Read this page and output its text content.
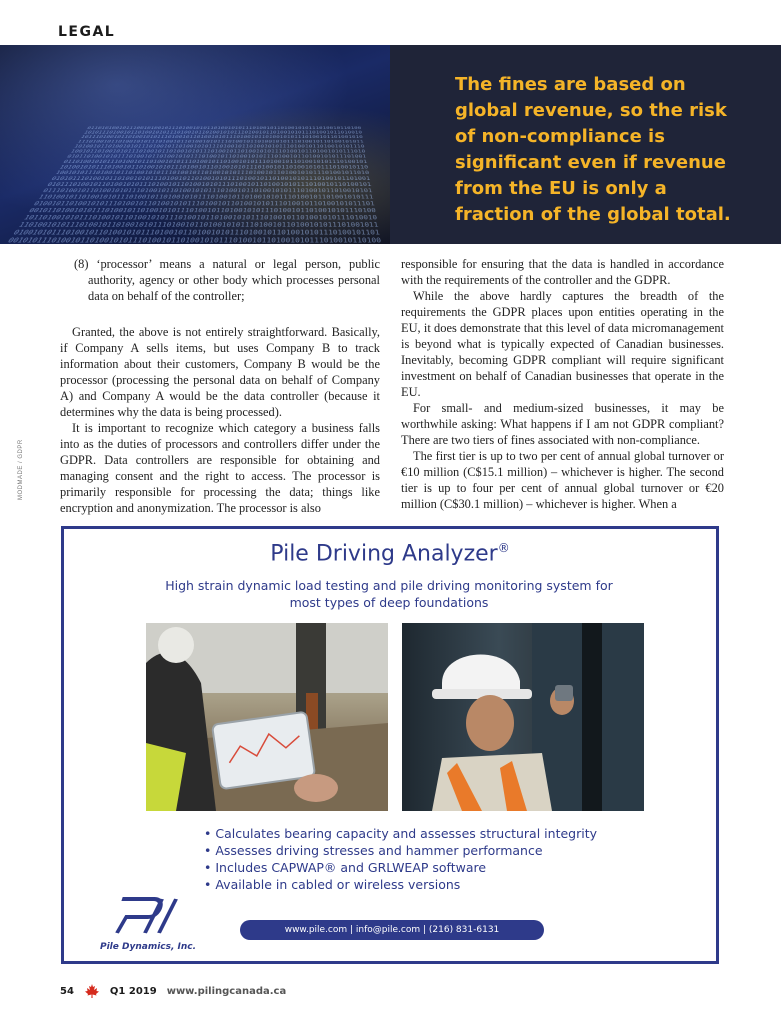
LEGAL
0110101001011100101001011101001010110100101011101001011010010101110100101101001010111010010110100101011101001011010010101110100101101001010111010010110100101011101001011010010101110100101101001010111010010110100101011101001011010010101110100101101001010111010010110100101011101001011010010101110100101101001010111010010110100101011101001011010010101110100101101001010111010010110100101011101001011010010101110100101101001010111010010110100101011101001011010010101110100101101001010111010010110100101011101001011010010101110100101101001010111010010110100101011101001011010010101110100101101001010111010010110100101011101001011010010101110100101101001010111010010110100101011101001011010010101110100101101001010111010010110100101011101001011010010101110100101101001010111010010110100101011101001011010010101110100101101001010111010010110100101011101001011010010101110100101101001010111010010110100101011101001011010010101110100101101001010111010010110100101011101001011010010101110100101101001010111010010110100101011101001011010010101110100101101001010111010010110100101011101001011010010101110100101101001010111010010110100101011101001011010010101110100101101001010111010010110100101011101001011010010101110100101101001010111010010110100101011101001011010010101110100101101001010111010010110100101011101001011010010101110100101101001010111010010110100101011101001011010010101110100101101001010111010010110100101011101001011010010101110100101101001010111010010110100101011101001011010010101110100101101001010111010010110100101011101001011010010101110100101101001010111010010110100101011101001011010010101110100101101001010111010010110100101011101001011010010101110100101101001010111010010110100101011101001011
The fines are based on global revenue, so the risk of non-compliance is significant even if revenue from the EU is only a fraction of the global total.
MODMADE / GDPR

(8) ‘processor’ means a natural or legal person, public authority, agency or other body which processes personal data on behalf of the controller;

Granted, the above is not entirely straightforward. Basically, if Company A sells items, but uses Company B to track information about their customers, Company B would be the processor (processing the personal data on behalf of Company A) and Company A would be the data controller (because it determines why the data is being processed).

It is important to recognize which category a business falls into as the duties of processors and controllers differ under the GDPR. Data controllers are responsible for obtaining and managing consent and the right to access. The processor is primarily responsible for processing the data; things like encryption and anonymization. The processor is also

responsible for ensuring that the data is handled in accordance with the requirements of the controller and the GDPR.

While the above hardly captures the breadth of the requirements the GDPR places upon entities operating in the EU, it does demonstrate that this level of data micromanagement is beyond what is typically expected of Canadian businesses. Inevitably, becoming GDPR compliant will require significant investment on behalf of Canadian businesses that operate in the EU.

For small- and medium-sized businesses, it may be worthwhile asking: What happens if I am not GDPR compliant? There are two tiers of fines associated with non-compliance.

The first tier is up to two per cent of annual global turnover or €10 million (C$15.1 million) – whichever is higher. The second tier is up to four per cent of annual global turnover or €20 million (C$30.1 million) – whichever is higher. When a

Pile Driving Analyzer®
High strain dynamic load testing and pile driving monitoring system for most types of deep foundations
• Calculates bearing capacity and assesses structural integrity
• Assesses driving stresses and hammer performance
• Includes CAPWAP® and GRLWEAP software
• Available in cabled or wireless versions
Pile Dynamics, Inc.
www.pile.com | info@pile.com | (216) 831-6131
54	Q1 2019 www.pilingcanada.ca
